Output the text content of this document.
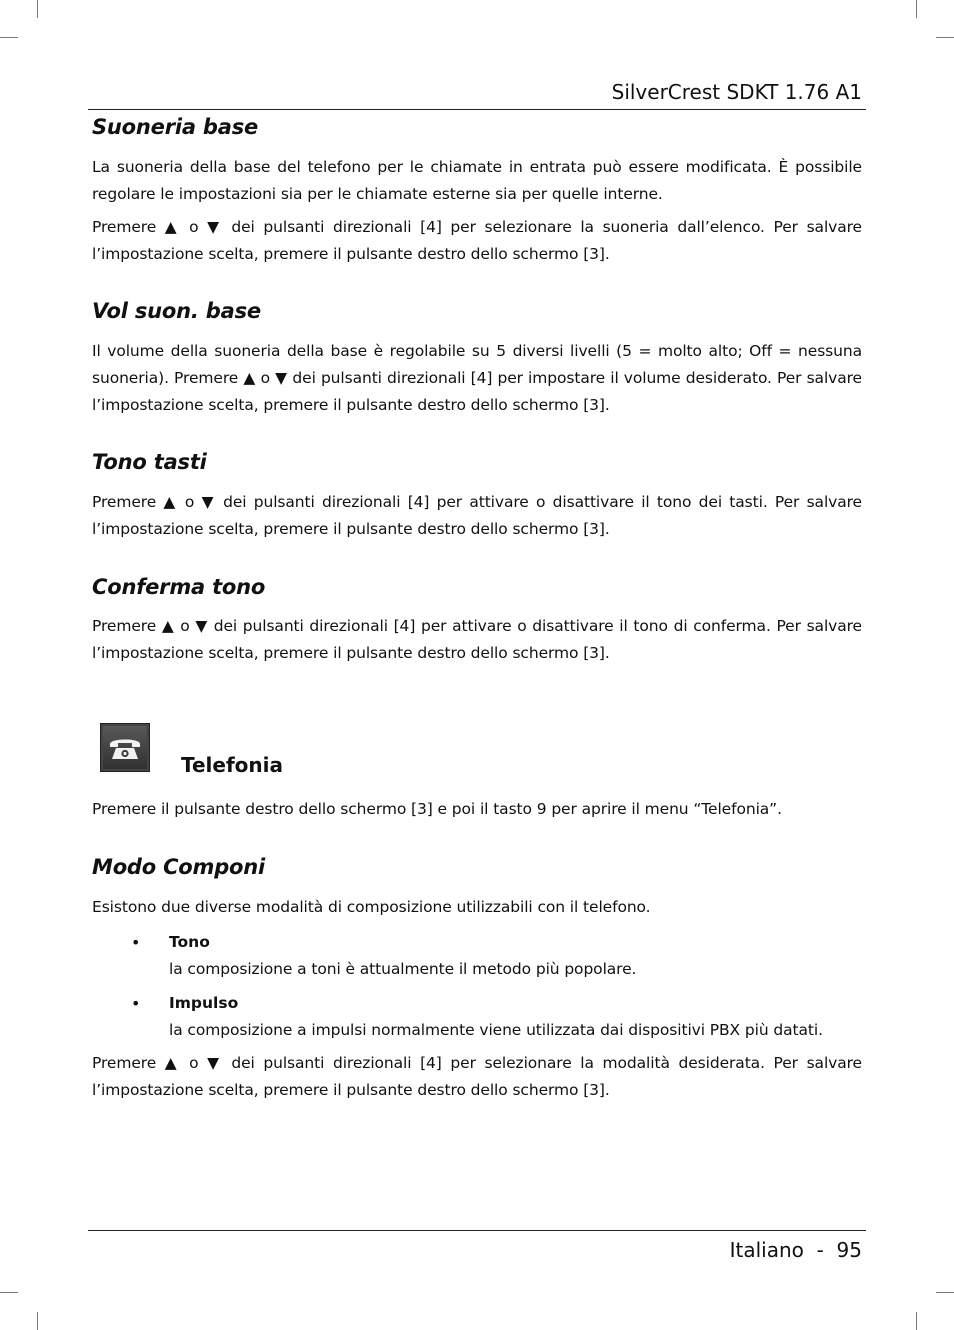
SilverCrest SDKT 1.76 A1
Suoneria base

La suoneria della base del telefono per le chiamate in entrata può essere modificata. È possibile regolare le impostazioni sia per le chiamate esterne sia per quelle interne.

Premere ▲ o ▼ dei pulsanti direzionali [4] per selezionare la suoneria dall’elenco. Per salvare l’impostazione scelta, premere il pulsante destro dello schermo [3].

Vol suon. base

Il volume della suoneria della base è regolabile su 5 diversi livelli (5 = molto alto; Off = nessuna suoneria). Premere ▲ o ▼ dei pulsanti direzionali [4] per impostare il volume desiderato. Per salvare l’impostazione scelta, premere il pulsante destro dello schermo [3].

Tono tasti

Premere ▲ o ▼ dei pulsanti direzionali [4] per attivare o disattivare il tono dei tasti. Per salvare l’impostazione scelta, premere il pulsante destro dello schermo [3].

Conferma tono

Premere ▲ o ▼ dei pulsanti direzionali [4] per attivare o disattivare il tono di conferma. Per salvare l’impostazione scelta, premere il pulsante destro dello schermo [3].

Telefonia

Premere il pulsante destro dello schermo [3] e poi il tasto 9 per aprire il menu “Telefonia”.

Modo Componi

Esistono due diverse modalità di composizione utilizzabili con il telefono.

• Tono
la composizione a toni è attualmente il metodo più popolare.
• Impulso
la composizione a impulsi normalmente viene utilizzata dai dispositivi PBX più datati.

Premere ▲ o ▼ dei pulsanti direzionali [4] per selezionare la modalità desiderata. Per salvare l’impostazione scelta, premere il pulsante destro dello schermo [3].

Italiano  -  95
